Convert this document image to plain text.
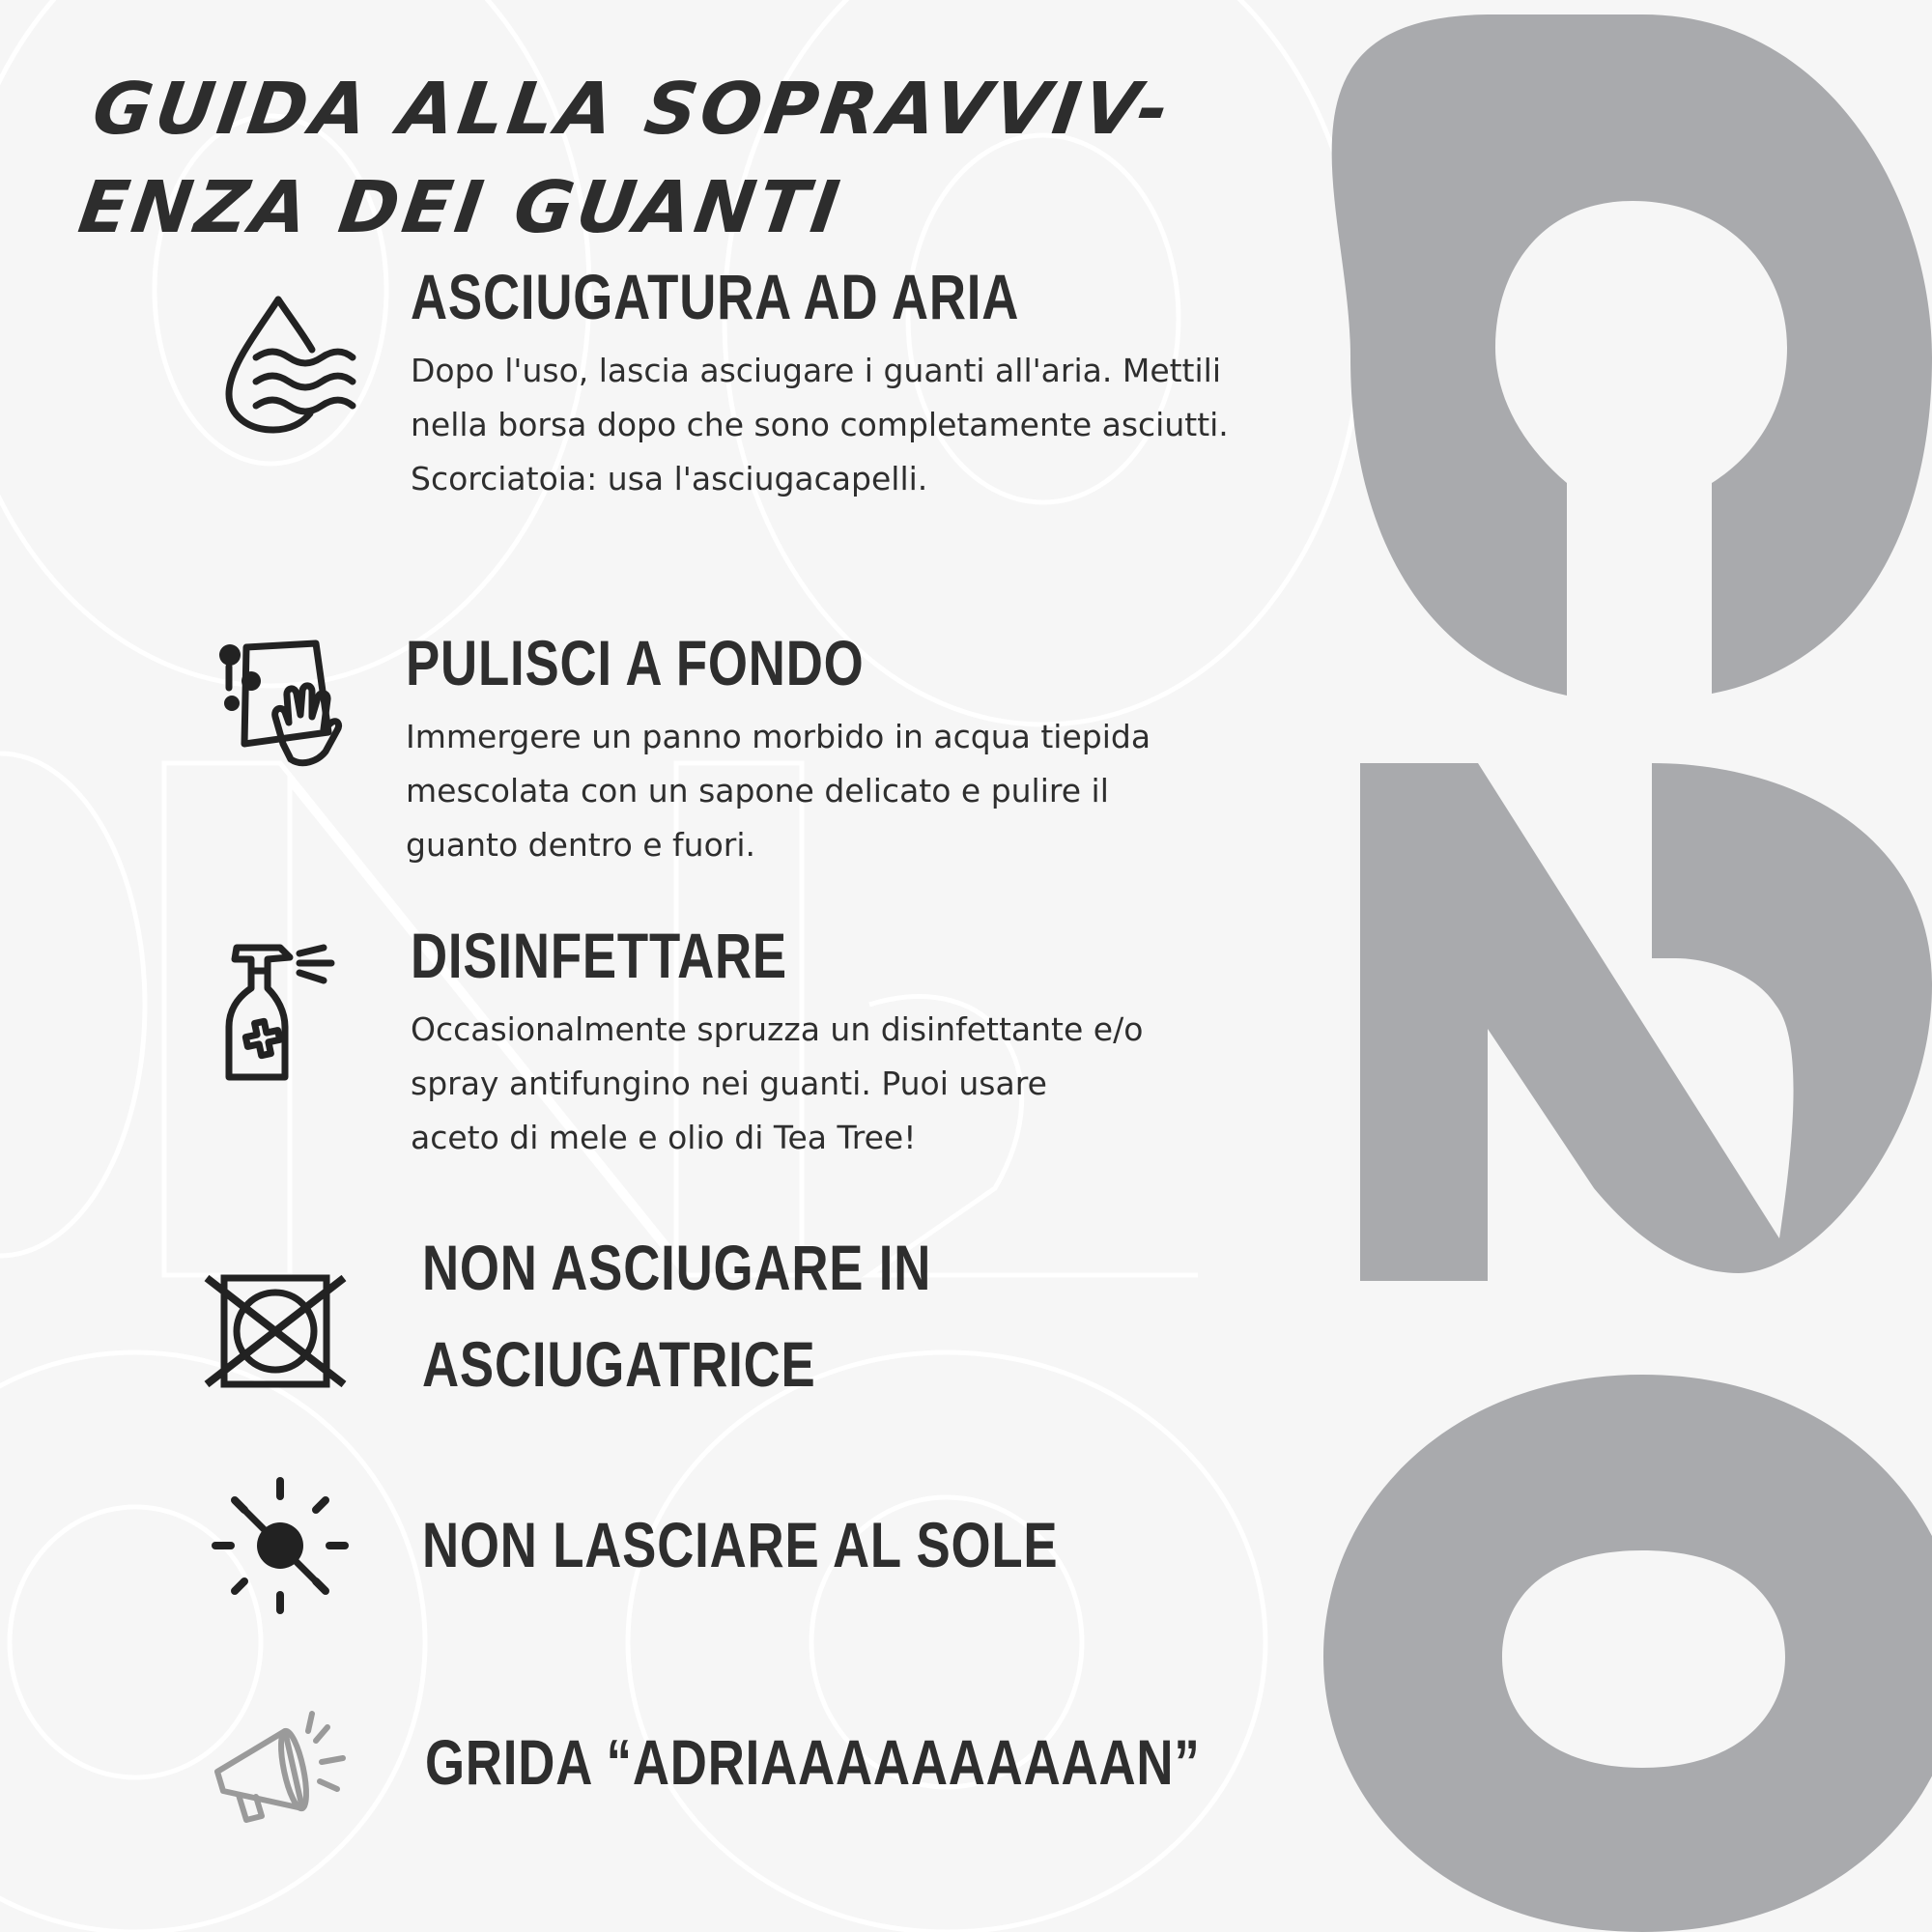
GUIDA ALLA SOPRAVVIV-
ENZA DEI GUANTI
ASCIUGATURA AD ARIA

Dopo l'uso, lascia asciugare i guanti all'aria. Mettili
nella borsa dopo che sono completamente asciutti.
Scorciatoia: usa l'asciugacapelli.

PULISCI A FONDO

Immergere un panno morbido in acqua tiepida
mescolata con un sapone delicato e pulire il
guanto dentro e fuori.

DISINFETTARE

Occasionalmente spruzza un disinfettante e/o
spray antifungino nei guanti. Puoi usare
aceto di mele e olio di Tea Tree!

NON ASCIUGARE IN ASCIUGATRICE
NON LASCIARE AL SOLE
GRIDA “ADRIAAAAAAAAAAN”
